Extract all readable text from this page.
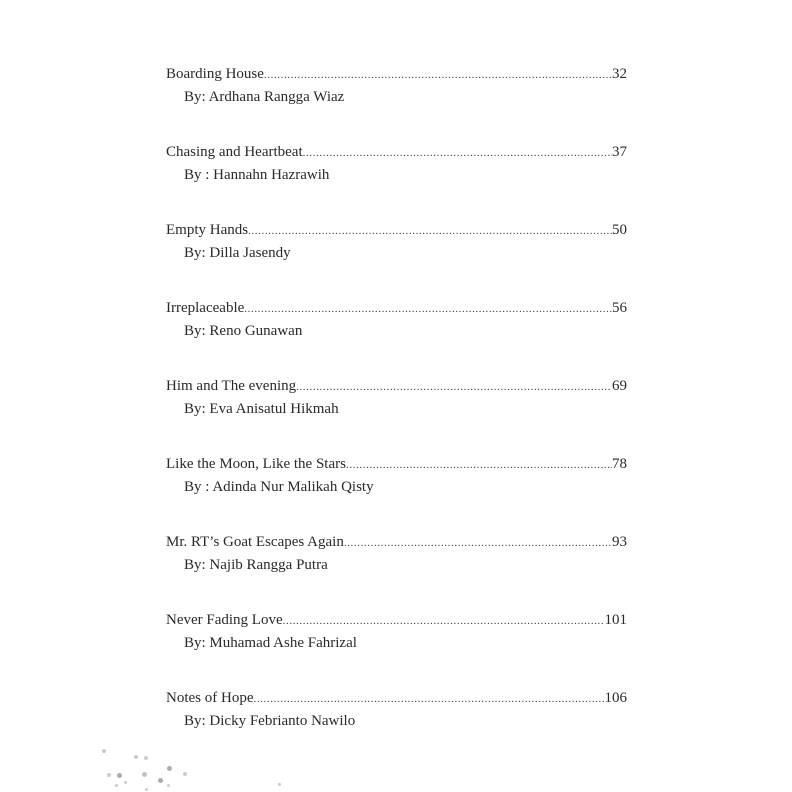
Boarding House .....	32
By: Ardhana Rangga Wiaz
Chasing and Heartbeat .....	37
By : Hannahn Hazrawih
Empty Hands .....	50
By: Dilla Jasendy
Irreplaceable .....	56
By: Reno Gunawan
Him and The evening .....	69
By: Eva Anisatul Hikmah
Like the Moon, Like the Stars .....	78
By : Adinda Nur Malikah Qisty
Mr. RT’s Goat Escapes Again .....	93
By: Najib Rangga Putra
Never Fading Love .....	101
By: Muhamad Ashe Fahrizal
Notes of Hope .....	106
By: Dicky Febrianto Nawilo
